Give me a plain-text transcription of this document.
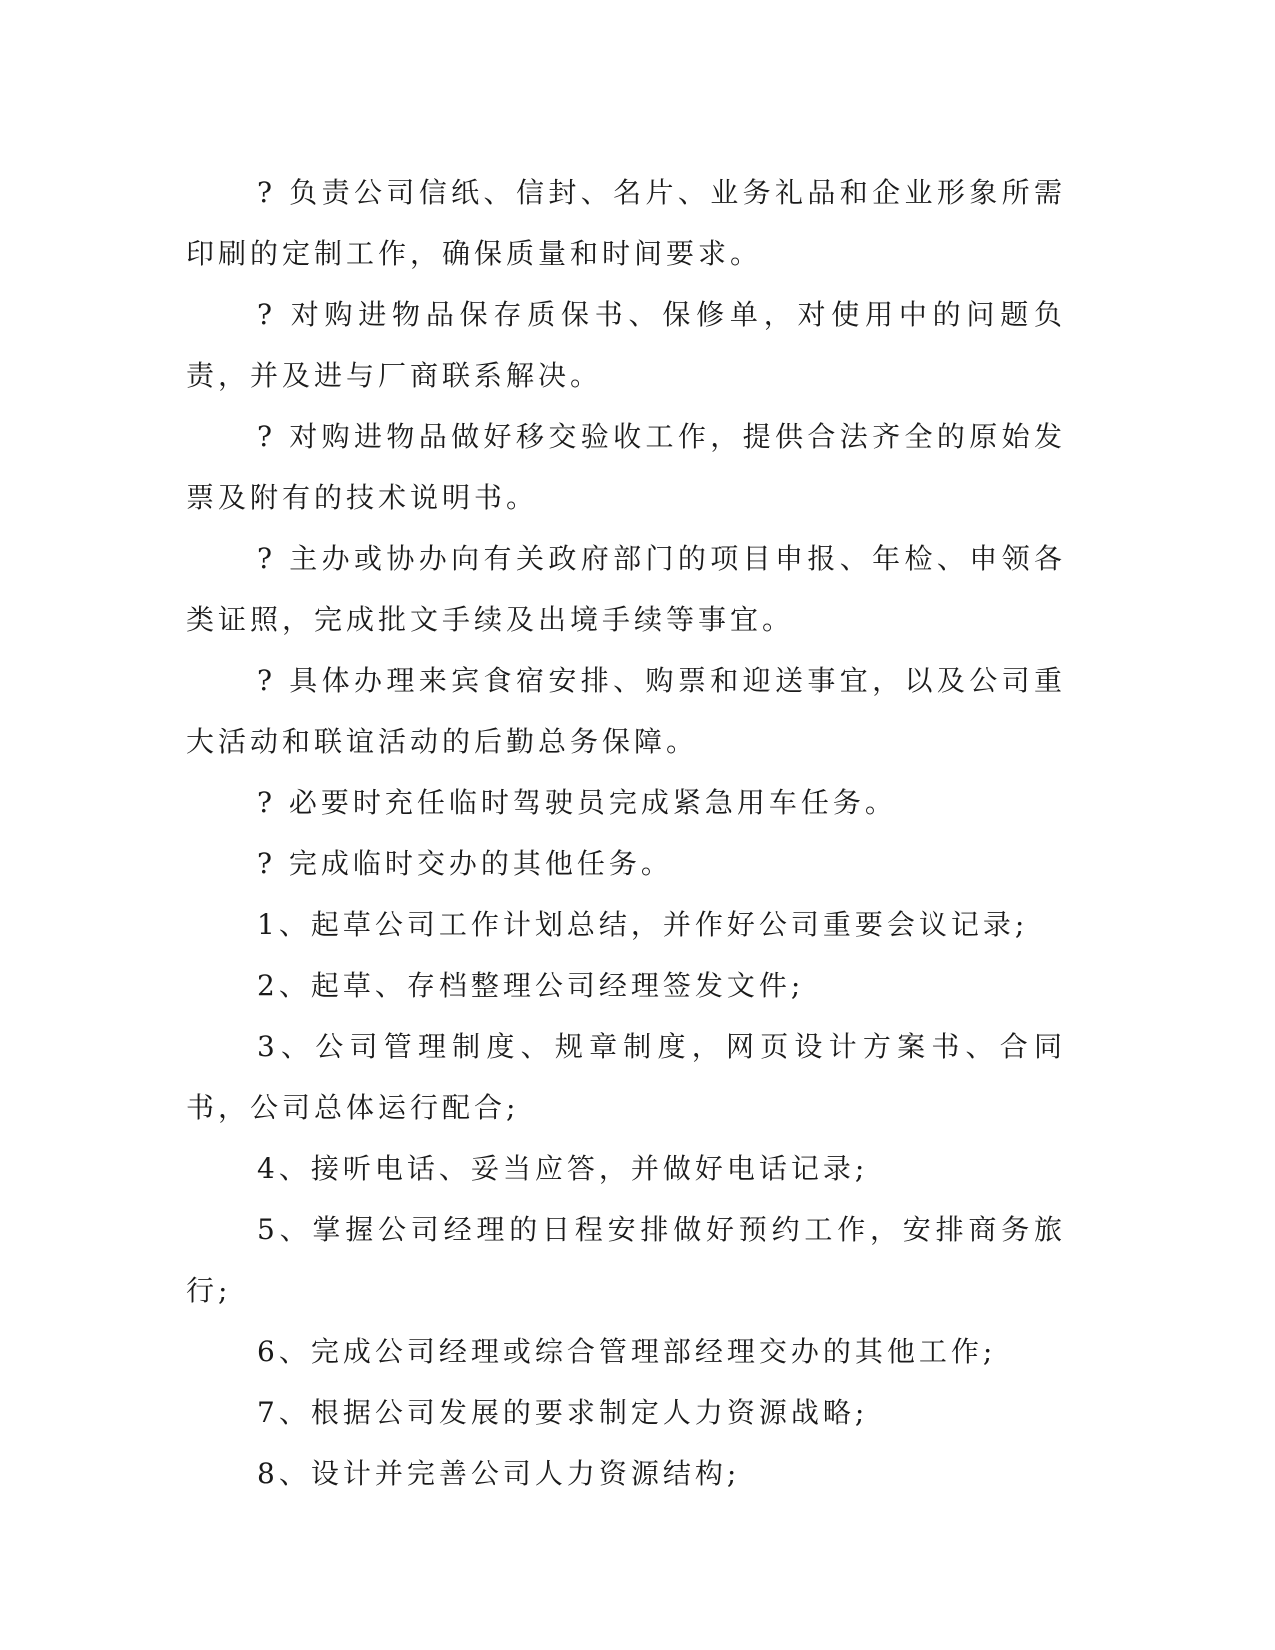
? 负责公司信纸、信封、名片、业务礼品和企业形象所需印刷的定制工作，确保质量和时间要求。

? 对购进物品保存质保书、保修单，对使用中的问题负责，并及进与厂商联系解决。

? 对购进物品做好移交验收工作，提供合法齐全的原始发票及附有的技术说明书。

? 主办或协办向有关政府部门的项目申报、年检、申领各类证照，完成批文手续及出境手续等事宜。

? 具体办理来宾食宿安排、购票和迎送事宜，以及公司重大活动和联谊活动的后勤总务保障。

? 必要时充任临时驾驶员完成紧急用车任务。

? 完成临时交办的其他任务。

1、起草公司工作计划总结，并作好公司重要会议记录;

2、起草、存档整理公司经理签发文件;

3、公司管理制度、规章制度，网页设计方案书、合同书，公司总体运行配合;

4、接听电话、妥当应答，并做好电话记录;

5、掌握公司经理的日程安排做好预约工作，安排商务旅行;

6、完成公司经理或综合管理部经理交办的其他工作;

7、根据公司发展的要求制定人力资源战略;

8、设计并完善公司人力资源结构;
